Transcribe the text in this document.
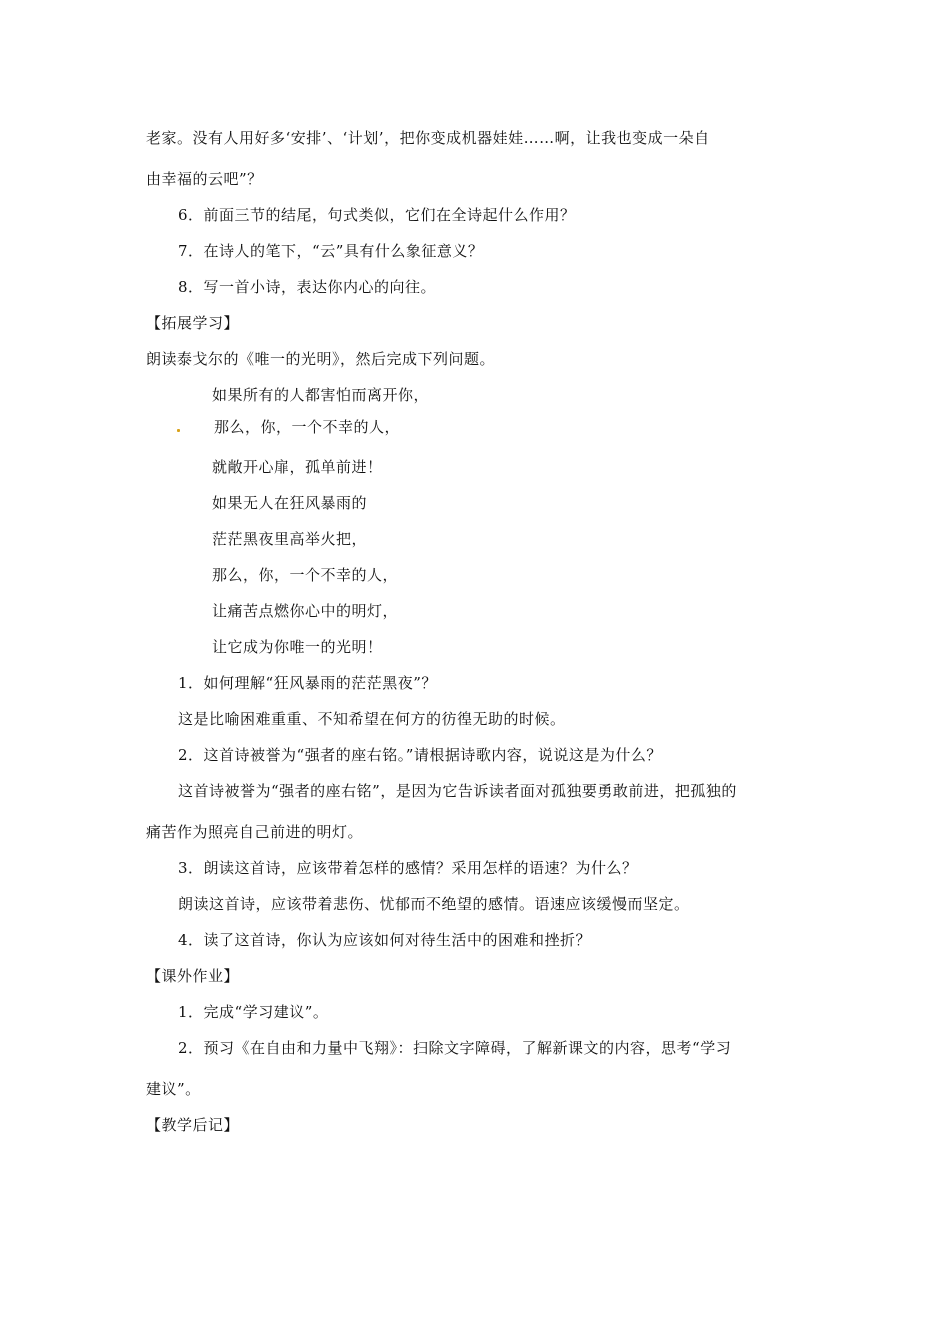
老家。没有人用好多‘安排’、‘计划’，把你变成机器娃娃……啊，让我也变成一朵自
由幸福的云吧”？
6．前面三节的结尾，句式类似，它们在全诗起什么作用？
7．在诗人的笔下，“云”具有什么象征意义？
8．写一首小诗，表达你内心的向往。
【拓展学习】
朗读泰戈尔的《唯一的光明》，然后完成下列问题。
如果所有的人都害怕而离开你，
那么，你，一个不幸的人，
就敞开心扉，孤单前进！
如果无人在狂风暴雨的
茫茫黑夜里高举火把，
那么，你，一个不幸的人，
让痛苦点燃你心中的明灯，
让它成为你唯一的光明！
1．如何理解“狂风暴雨的茫茫黑夜”？
这是比喻困难重重、不知希望在何方的彷徨无助的时候。
2．这首诗被誉为“强者的座右铭。”请根据诗歌内容，说说这是为什么？
这首诗被誉为“强者的座右铭”，是因为它告诉读者面对孤独要勇敢前进，把孤独的
痛苦作为照亮自己前进的明灯。
3．朗读这首诗，应该带着怎样的感情？采用怎样的语速？为什么？
朗读这首诗，应该带着悲伤、忧郁而不绝望的感情。语速应该缓慢而坚定。
4．读了这首诗，你认为应该如何对待生活中的困难和挫折？
【课外作业】
1．完成“学习建议”。
2．预习《在自由和力量中飞翔》：扫除文字障碍，了解新课文的内容，思考“学习
建议”。
【教学后记】
